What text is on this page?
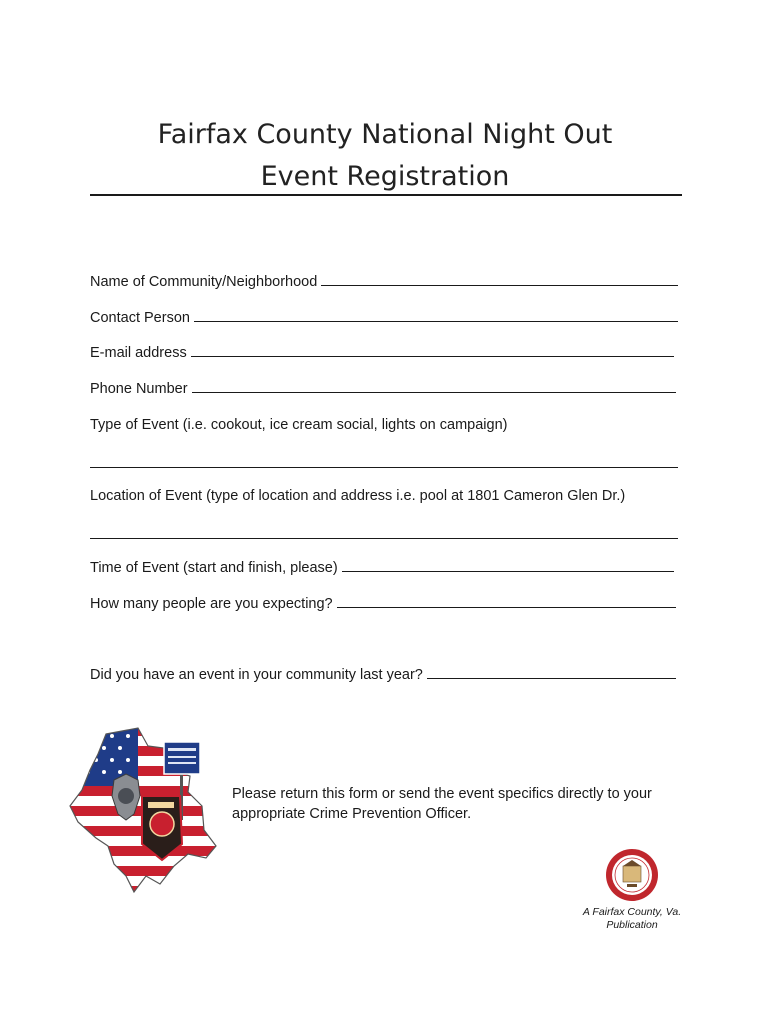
Fairfax County National Night Out
Event Registration
Name of Community/Neighborhood
Contact Person
E-mail address
Phone Number
Type of Event (i.e. cookout, ice cream social, lights on campaign)
Location of Event (type of location and address i.e. pool at 1801 Cameron Glen Dr.)
Time of Event (start and finish, please)
How many people are you expecting?
Did you have an event in your community last year?
Please return this form or send the event specifics directly to your
appropriate Crime Prevention Officer.
A Fairfax County, Va.
Publication
